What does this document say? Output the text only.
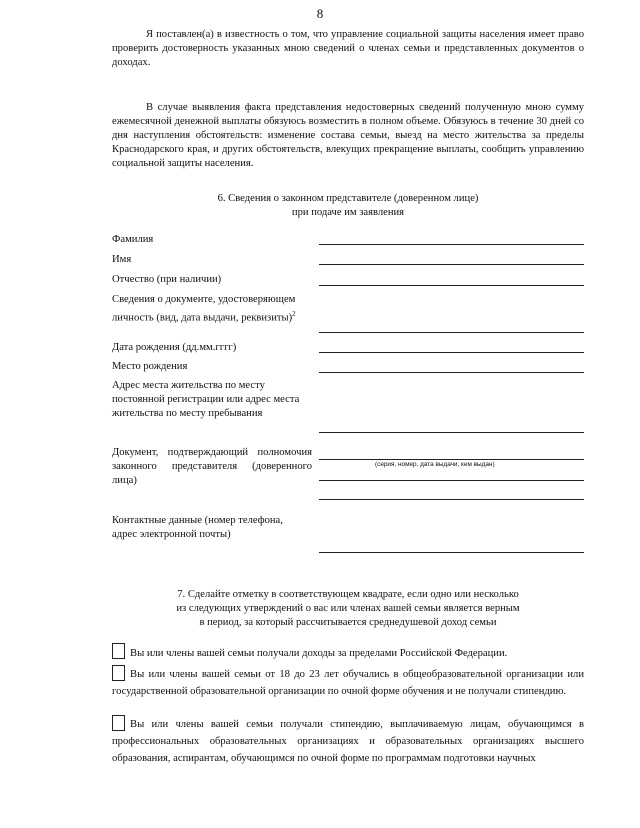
8

Я поставлен(а) в известность о том, что управление социальной защиты населения имеет право проверить достоверность указанных мною сведений о членах семьи и представленных документов о доходах.

В случае выявления факта представления недостоверных сведений полученную мною сумму ежемесячной денежной выплаты обязуюсь возместить в полном объеме. Обязуюсь в течение 30 дней со дня наступления обстоятельств: изменение состава семьи, выезд на место жительства за пределы Краснодарского края, и других обстоятельств, влекущих прекращение выплаты, сообщить управлению социальной защиты населения.

6. Сведения о законном представителе (доверенном лице)

при подаче им заявления

Фамилия
Имя
Отчество (при наличии)
Сведения о документе, удостоверяющем личность (вид, дата выдачи, реквизиты)$^2$
Дата рождения (дд.мм.гггг)
Место рождения
Адрес места жительства по месту постоянной регистрации или адрес места жительства по месту пребывания
Документ, подтверждающий полномочия законного представителя (доверенного лица)
(серия, номер, дата выдачи, кем выдан)
Контактные данные (номер телефона, адрес электронной почты)

7. Сделайте отметку в соответствующем квадрате, если одно или несколько

из следующих утверждений о вас или членах вашей семьи является верным

в период, за который рассчитывается среднедушевой доход семьи

Вы или члены вашей семьи получали доходы за пределами Российской Федерации.

Вы или члены вашей семьи от 18 до 23 лет обучались в общеобразовательной организации или государственной образовательной организации по очной форме обучения и не получали стипендию.

Вы или члены вашей семьи получали стипендию, выплачиваемую лицам, обучающимся в профессиональных образовательных организациях и образовательных организациях высшего образования, аспирантам, обучающимся по очной форме по программам подготовки научных
